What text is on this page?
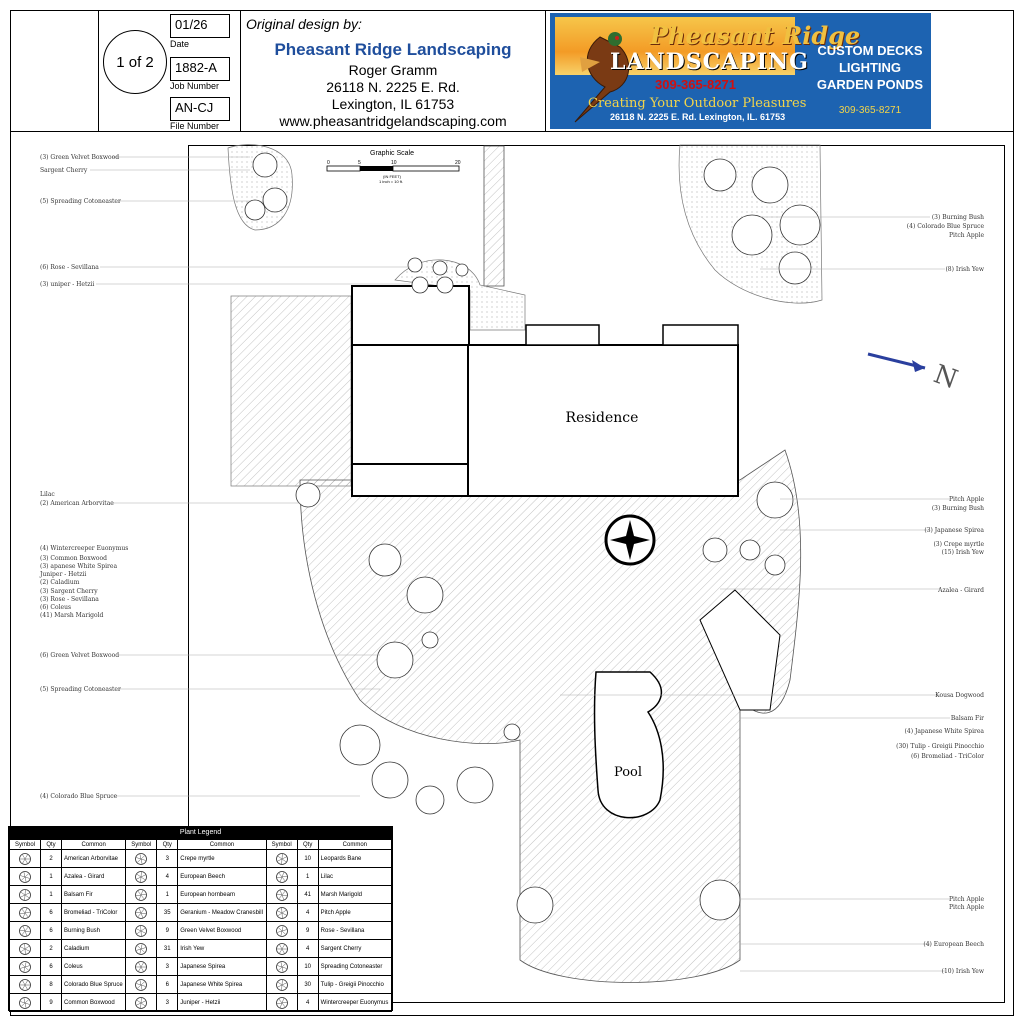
1 of 2
01/26
Date
1882-A
Job Number
AN-CJ
File Number
Original design by:
Pheasant Ridge Landscaping
Roger Gramm
26118 N. 2225 E. Rd.
Lexington, IL 61753
www.pheasantridgelandscaping.com
Pheasant Ridge
LANDSCAPING
309-365-8271
Creating Your Outdoor Pleasures
26118 N. 2225 E. Rd. Lexington, IL. 61753
CUSTOM DECKS
LIGHTING
GARDEN PONDS
309-365-8271
N
Residence
Pool
Graphic Scale
0	5	10	20
(IN FEET)
1 inch = 10 ft.
(3) Green Velvet Boxwood
Sargent Cherry
(5) Spreading Cotoneaster
(6) Rose - Sevillana
(3) uniper - Hetzii
Lilac
(2) American Arborvitae
(4) Wintercreeper Euonymus
(3) Common Boxwood
(3) apanese White Spirea
Juniper - Hetzii
(2) Caladium
(3) Sargent Cherry
(3) Rose - Sevillana
(6) Coleus
(41) Marsh Marigold
(6) Green Velvet Boxwood
(5) Spreading Cotoneaster
(4) Colorado Blue Spruce
(3) Burning Bush
(4) Colorado Blue Spruce
Pitch Apple
(8) Irish Yew
Pitch Apple
(3) Burning Bush
(3) Japanese Spirea
(3) Crepe myrtle
(15) Irish Yew
Azalea - Girard
Kousa Dogwood
Balsam Fir
(4) Japanese White Spirea
(30) Tulip - Greigii Pinocchio
(6) Bromeliad - TriColor
Pitch Apple
Pitch Apple
(4) European Beech
(10) Irish Yew
Plant Legend
Symbol	Qty	Common	Symbol	Qty	Common	Symbol	Qty	Common

	2	American Arborvitae		3	Crepe myrtle		10	Leopards Bane

	1	Azalea - Girard		4	European Beech		1	Lilac

	1	Balsam Fir		1	European hornbeam		41	Marsh Marigold

	6	Bromeliad - TriColor		35	Geranium - Meadow Cranesbill		4	Pitch Apple

	6	Burning Bush		9	Green Velvet Boxwood		9	Rose - Sevillana

	2	Caladium		31	Irish Yew		4	Sargent Cherry

	6	Coleus		3	Japanese Spirea		10	Spreading Cotoneaster

	8	Colorado Blue Spruce		6	Japanese White Spirea		30	Tulip - Greigii Pinocchio

	9	Common Boxwood		3	Juniper - Hetzii		4	Wintercreeper Euonymus
